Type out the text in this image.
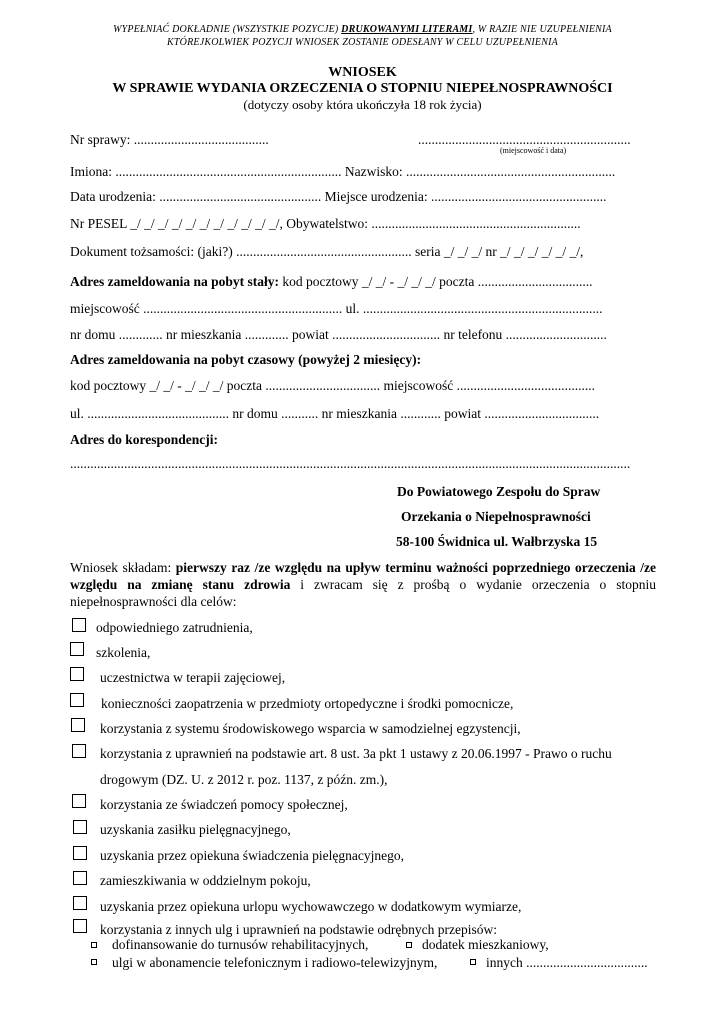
WYPEŁNIAĆ DOKŁADNIE (WSZYSTKIE POZYCJE) DRUKOWANYMI LITERAMI, W RAZIE NIE UZUPEŁNIENIA
KTÓREJKOLWIEK POZYCJI WNIOSEK ZOSTANIE ODESŁANY W CELU UZUPEŁNIENIA
WNIOSEK
W SPRAWIE WYDANIA ORZECZENIA O STOPNIU NIEPEŁNOSPRAWNOŚCI
(dotyczy osoby która ukończyła 18 rok życia)
Nr sprawy: ........................................	...............................................................
(miejscowość i data)
Imiona: ................................................................... Nazwisko: ..............................................................
Data urodzenia: ................................................ Miejsce urodzenia: ....................................................
Nr PESEL _/ _/ _/ _/ _/ _/ _/ _/ _/ _/ _/, Obywatelstwo: ..............................................................
Dokument tożsamości: (jaki?) .................................................... seria _/ _/ _/ nr _/ _/ _/ _/ _/ _/,
Adres zameldowania na pobyt stały: kod pocztowy _/ _/ - _/ _/ _/ poczta ..................................
miejscowość ........................................................... ul. .......................................................................
nr domu ............. nr mieszkania ............. powiat ................................ nr telefonu ..............................
Adres zameldowania na pobyt czasowy (powyżej 2 miesięcy):
kod pocztowy _/ _/ - _/ _/ _/ poczta .................................. miejscowość .........................................
ul. .......................................... nr domu ........... nr mieszkania ............ powiat ..................................
Adres do korespondencji:
......................................................................................................................................................................
Do Powiatowego Zespołu do Spraw
Orzekania o Niepełnosprawności
58-100 Świdnica ul. Wałbrzyska 15
Wniosek składam: pierwszy raz /ze względu na upływ terminu ważności poprzedniego orzeczenia /ze względu na zmianę stanu zdrowia i zwracam się z prośbą o wydanie orzeczenia o stopniu niepełnosprawności dla celów:
odpowiedniego zatrudnienia,
szkolenia,
uczestnictwa w terapii zajęciowej,
konieczności zaopatrzenia w przedmioty ortopedyczne i środki pomocnicze,
korzystania z systemu środowiskowego wsparcia w samodzielnej egzystencji,
korzystania z uprawnień na podstawie art. 8 ust. 3a pkt 1 ustawy z 20.06.1997 - Prawo o ruchu
drogowym (DZ. U. z 2012 r. poz. 1137, z późn. zm.),
korzystania ze świadczeń pomocy społecznej,
uzyskania zasiłku pielęgnacyjnego,
uzyskania przez opiekuna świadczenia pielęgnacyjnego,
zamieszkiwania w oddzielnym pokoju,
uzyskania przez opiekuna urlopu wychowawczego w dodatkowym wymiarze,
korzystania z innych ulg i uprawnień na podstawie odrębnych przepisów:
dofinansowanie do turnusów rehabilitacyjnych,	dodatek mieszkaniowy,
ulgi w abonamencie telefonicznym i radiowo-telewizyjnym,	innych ....................................
